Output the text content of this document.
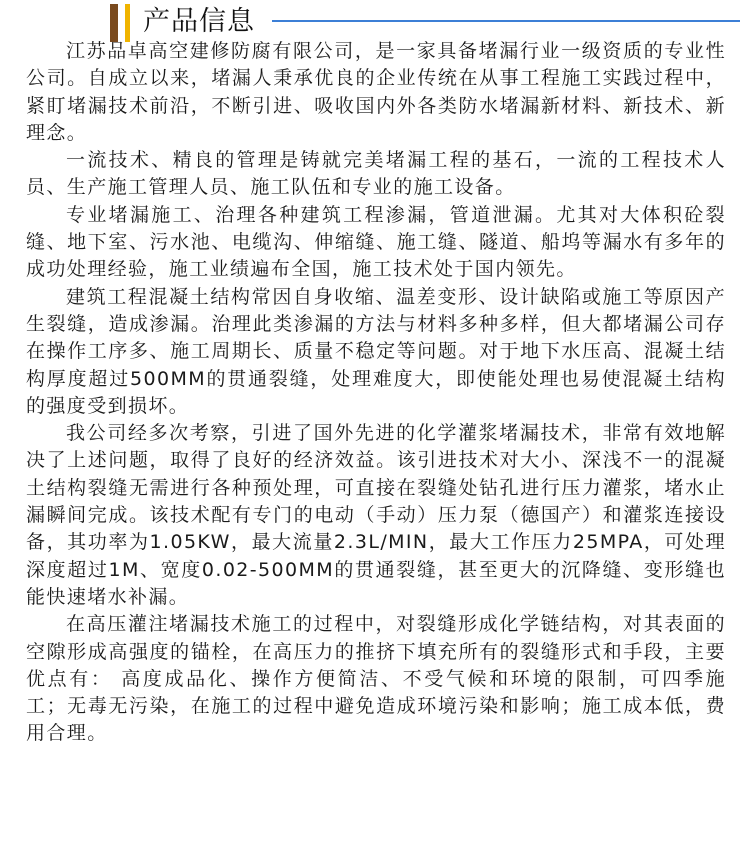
产品信息

江苏品卓高空建修防腐有限公司，是一家具备堵漏行业一级资质的专业性公司。自成立以来，堵漏人秉承优良的企业传统在从事工程施工实践过程中，紧盯堵漏技术前沿，不断引进、吸收国内外各类防水堵漏新材料、新技术、新理念。

一流技术、精良的管理是铸就完美堵漏工程的基石，一流的工程技术人员、生产施工管理人员、施工队伍和专业的施工设备。

专业堵漏施工、治理各种建筑工程渗漏，管道泄漏。尤其对大体积砼裂缝、地下室、污水池、电缆沟、伸缩缝、施工缝、隧道、船坞等漏水有多年的成功处理经验，施工业绩遍布全国，施工技术处于国内领先。

建筑工程混凝土结构常因自身收缩、温差变形、设计缺陷或施工等原因产生裂缝，造成渗漏。治理此类渗漏的方法与材料多种多样，但大都堵漏公司存在操作工序多、施工周期长、质量不稳定等问题。对于地下水压高、混凝土结构厚度超过500MM的贯通裂缝，处理难度大，即使能处理也易使混凝土结构的强度受到损坏。

我公司经多次考察，引进了国外先进的化学灌浆堵漏技术，非常有效地解决了上述问题，取得了良好的经济效益。该引进技术对大小、深浅不一的混凝土结构裂缝无需进行各种预处理，可直接在裂缝处钻孔进行压力灌浆，堵水止漏瞬间完成。该技术配有专门的电动（手动）压力泵（德国产）和灌浆连接设备，其功率为1.05KW，最大流量2.3L/MIN，最大工作压力25MPA，可处理深度超过1M、宽度0.02-500MM的贯通裂缝，甚至更大的沉降缝、变形缝也能快速堵水补漏。

在高压灌注堵漏技术施工的过程中，对裂缝形成化学链结构，对其表面的空隙形成高强度的锚栓，在高压力的推挤下填充所有的裂缝形式和手段，主要优点有： 高度成品化、操作方便简洁、不受气候和环境的限制，可四季施工；无毒无污染，在施工的过程中避免造成环境污染和影响；施工成本低，费用合理。
